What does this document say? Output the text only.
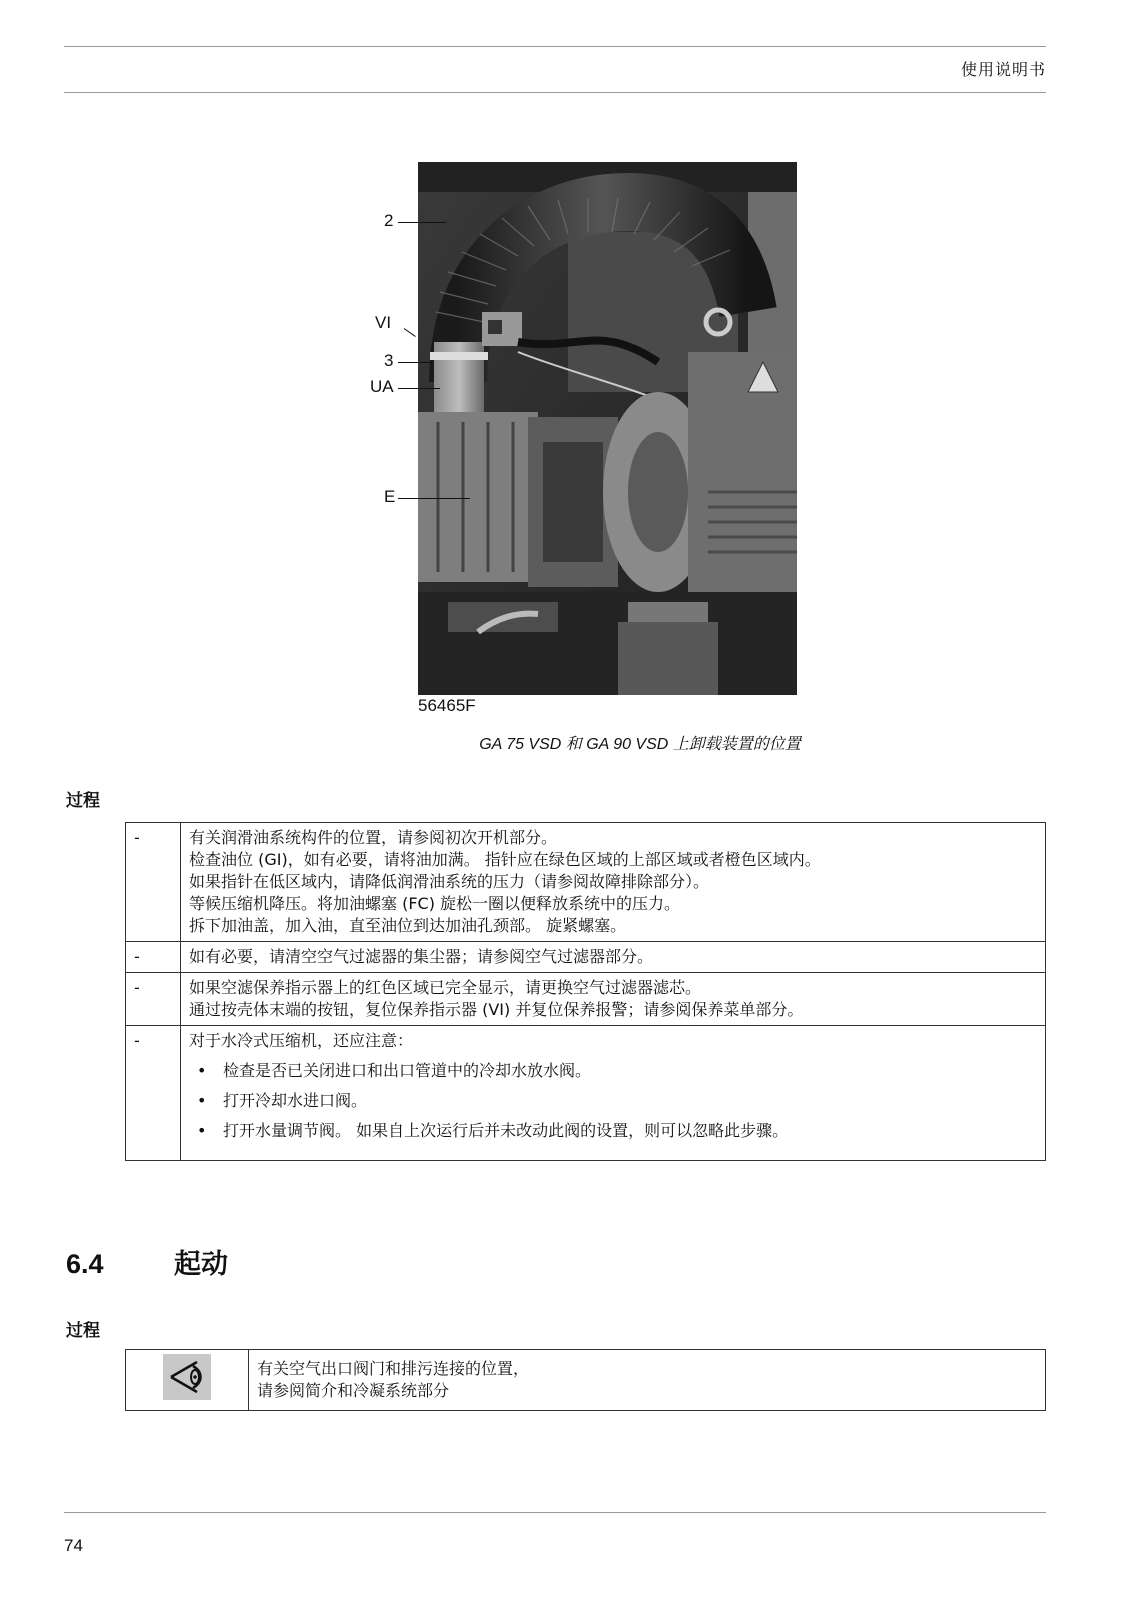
使用说明书
2
VI
3
UA
E
56465F
GA 75 VSD 和 GA 90 VSD 上卸载装置的位置
过程
-	有关润滑油系统构件的位置，请参阅初次开机部分。
检查油位 (GI)，如有必要，请将油加满。 指针应在绿色区域的上部区域或者橙色区域内。
如果指针在低区域内，请降低润滑油系统的压力（请参阅故障排除部分）。
等候压缩机降压。将加油螺塞 (FC) 旋松一圈以便释放系统中的压力。
拆下加油盖，加入油，直至油位到达加油孔颈部。 旋紧螺塞。

-	如有必要，请清空空气过滤器的集尘器；请参阅空气过滤器部分。

-	如果空滤保养指示器上的红色区域已完全显示，请更换空气过滤器滤芯。
通过按壳体末端的按钮，复位保养指示器 (VI) 并复位保养报警；请参阅保养菜单部分。

-	对于水冷式压缩机，还应注意：
• 检查是否已关闭进口和出口管道中的冷却水放水阀。
• 打开冷却水进口阀。
• 打开水量调节阀。 如果自上次运行后并未改动此阀的设置，则可以忽略此步骤。
6.4	起动
过程

有关空气出口阀门和排污连接的位置，
请参阅简介和冷凝系统部分
74
